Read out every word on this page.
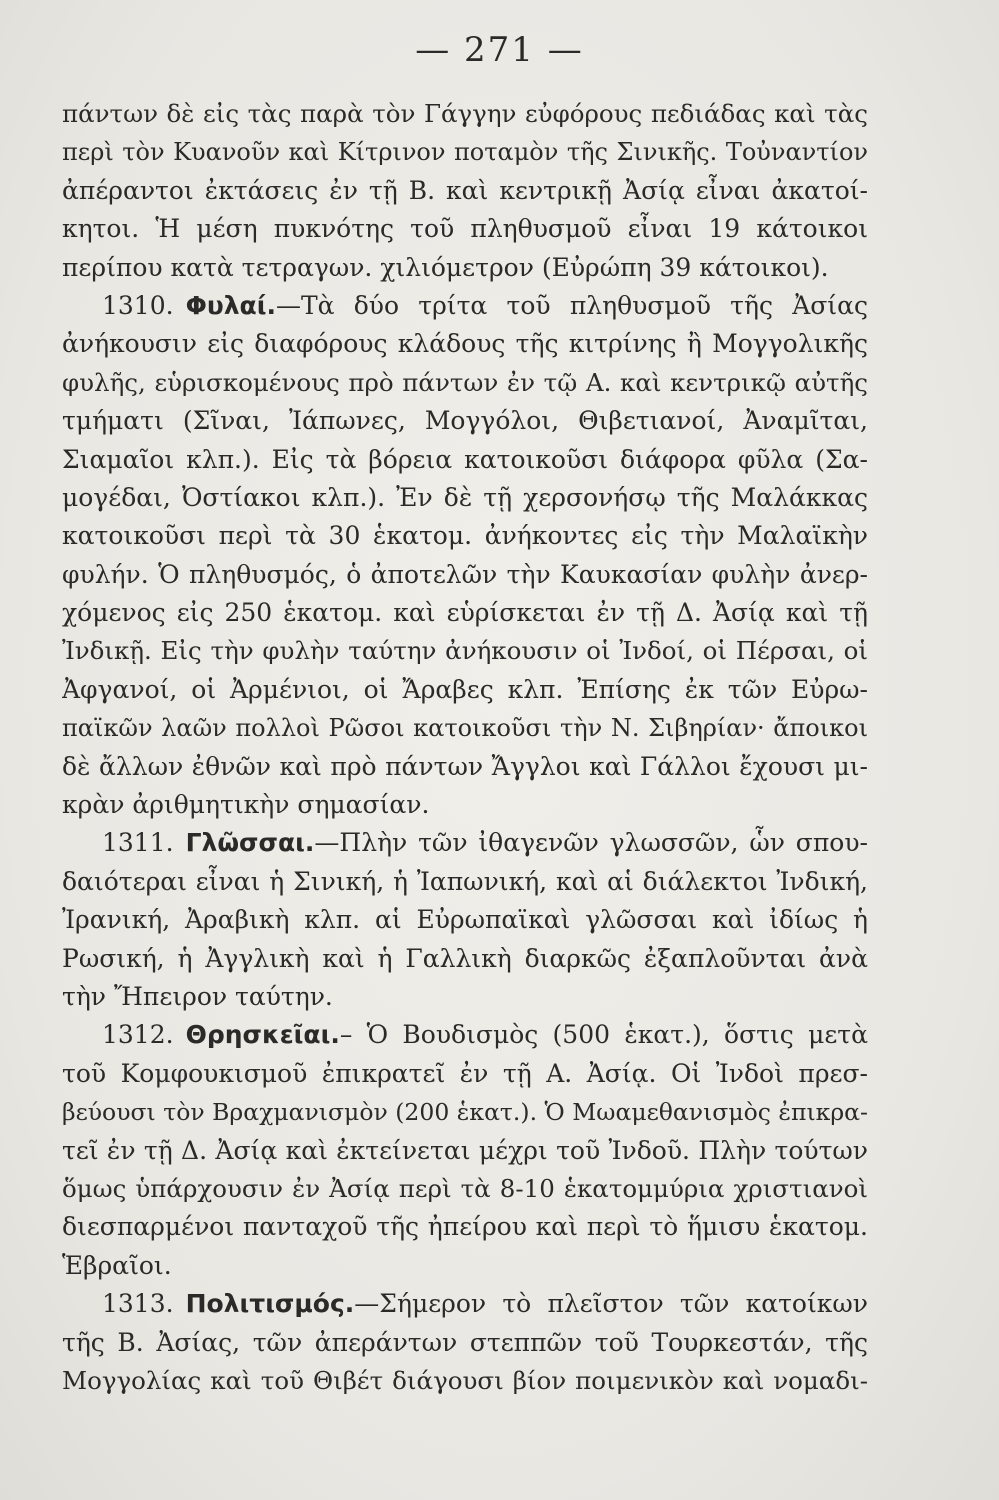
— 271 —
πάντων δὲ εἰς τὰς παρὰ τὸν Γάγγην εὐφόρους πεδιάδας καὶ τὰς
περὶ τὸν Κυανοῦν καὶ Κίτρινον ποταμὸν τῆς Σινικῆς. Τοὐναντίον
ἀπέραντοι ἐκτάσεις ἐν τῇ Β. καὶ κεντρικῇ Ἀσίᾳ εἶναι ἀκατοί-
κητοι. Ἡ μέση πυκνότης τοῦ πληθυσμοῦ εἶναι 19 κάτοικοι
περίπου κατὰ τετραγων. χιλιόμετρον (Εὐρώπη 39 κάτοικοι).
1310. Φυλαί.—Τὰ δύο τρίτα τοῦ πληθυσμοῦ τῆς Ἀσίας
ἀνήκουσιν εἰς διαφόρους κλάδους τῆς κιτρίνης ἢ Μογγολικῆς
φυλῆς, εὑρισκομένους πρὸ πάντων ἐν τῷ Α. καὶ κεντρικῷ αὐτῆς
τμήματι (Σῖναι, Ἰάπωνες, Μογγόλοι, Θιβετιανοί, Ἀναμῖται,
Σιαμαῖοι κλπ.). Εἰς τὰ βόρεια κατοικοῦσι διάφορα φῦλα (Σα-
μογέδαι, Ὀστίακοι κλπ.). Ἐν δὲ τῇ χερσονήσῳ τῆς Μαλάκκας
κατοικοῦσι περὶ τὰ 30 ἑκατομ. ἀνήκοντες εἰς τὴν Μαλαϊκὴν
φυλήν. Ὁ πληθυσμός, ὁ ἀποτελῶν τὴν Καυκασίαν φυλὴν ἀνερ-
χόμενος εἰς 250 ἑκατομ. καὶ εὑρίσκεται ἐν τῇ Δ. Ἀσίᾳ καὶ τῇ
Ἰνδικῇ. Εἰς τὴν φυλὴν ταύτην ἀνήκουσιν οἱ Ἰνδοί, οἱ Πέρσαι, οἱ
Ἀφγανοί, οἱ Ἀρμένιοι, οἱ Ἄραβες κλπ. Ἐπίσης ἐκ τῶν Εὐρω-
παϊκῶν λαῶν πολλοὶ Ρῶσοι κατοικοῦσι τὴν Ν. Σιβηρίαν· ἄποικοι
δὲ ἄλλων ἐθνῶν καὶ πρὸ πάντων Ἄγγλοι καὶ Γάλλοι ἔχουσι μι-
κρὰν ἀριθμητικὴν σημασίαν.
1311. Γλῶσσαι.—Πλὴν τῶν ἰθαγενῶν γλωσσῶν, ὧν σπου-
δαιότεραι εἶναι ἡ Σινική, ἡ Ἰαπωνική, καὶ αἱ διάλεκτοι Ἰνδική,
Ἰρανική, Ἀραβικὴ κλπ. αἱ Εὐρωπαϊκαὶ γλῶσσαι καὶ ἰδίως ἡ
Ρωσική, ἡ Ἀγγλικὴ καὶ ἡ Γαλλικὴ διαρκῶς ἐξαπλοῦνται ἀνὰ
τὴν Ἤπειρον ταύτην.
1312. Θρησκεῖαι.– Ὁ Βουδισμὸς (500 ἑκατ.), ὅστις μετὰ
τοῦ Κομφουκισμοῦ ἐπικρατεῖ ἐν τῇ Α. Ἀσίᾳ. Οἱ Ἰνδοὶ πρεσ-
βεύουσι τὸν Βραχμανισμὸν (200 ἑκατ.). Ὁ Μωαμεθανισμὸς ἐπικρα-
τεῖ ἐν τῇ Δ. Ἀσίᾳ καὶ ἐκτείνεται μέχρι τοῦ Ἰνδοῦ. Πλὴν τούτων
ὅμως ὑπάρχουσιν ἐν Ἀσίᾳ περὶ τὰ 8-10 ἑκατομμύρια χριστιανοὶ
διεσπαρμένοι πανταχοῦ τῆς ἠπείρου καὶ περὶ τὸ ἥμισυ ἑκατομ.
Ἑβραῖοι.
1313. Πολιτισμός.—Σήμερον τὸ πλεῖστον τῶν κατοίκων
τῆς Β. Ἀσίας, τῶν ἀπεράντων στεππῶν τοῦ Τουρκεστάν, τῆς
Μογγολίας καὶ τοῦ Θιβέτ διάγουσι βίον ποιμενικὸν καὶ νομαδι-
